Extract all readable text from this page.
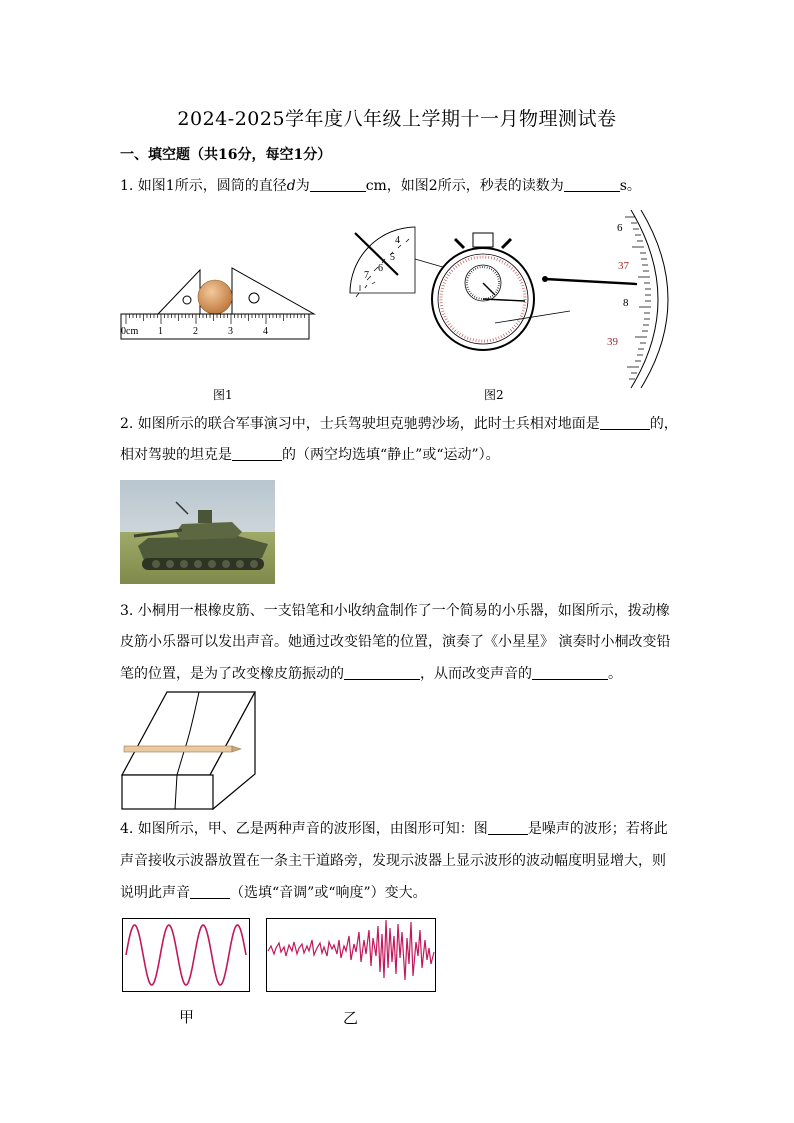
2024-2025学年度八年级上学期十一月物理测试卷
一、填空题（共16分，每空1分）
1. 如图1所示，圆筒的直径d为	cm，如图2所示，秒表的读数为	s。
0cm 1	2	3	4
4
5
6
7
6
37
8
39
图1	图2
2. 如图所示的联合军事演习中，士兵驾驶坦克驰骋沙场，此时士兵相对地面是	的，
相对驾驶的坦克是	的（两空均选填“静止”或“运动”）。
3. 小桐用一根橡皮筋、一支铅笔和小收纳盒制作了一个简易的小乐器，如图所示，拨动橡
皮筋小乐器可以发出声音。她通过改变铅笔的位置，演奏了《小星星》 演奏时小桐改变铅
笔的位置，是为了改变橡皮筋振动的	，从而改变声音的	。
4. 如图所示，甲、乙是两种声音的波形图，由图形可知：图	是噪声的波形；若将此
声音接收示波器放置在一条主干道路旁，发现示波器上显示波形的波动幅度明显增大，则
说明此声音	（选填“音调”或“响度”）变大。
甲	乙
